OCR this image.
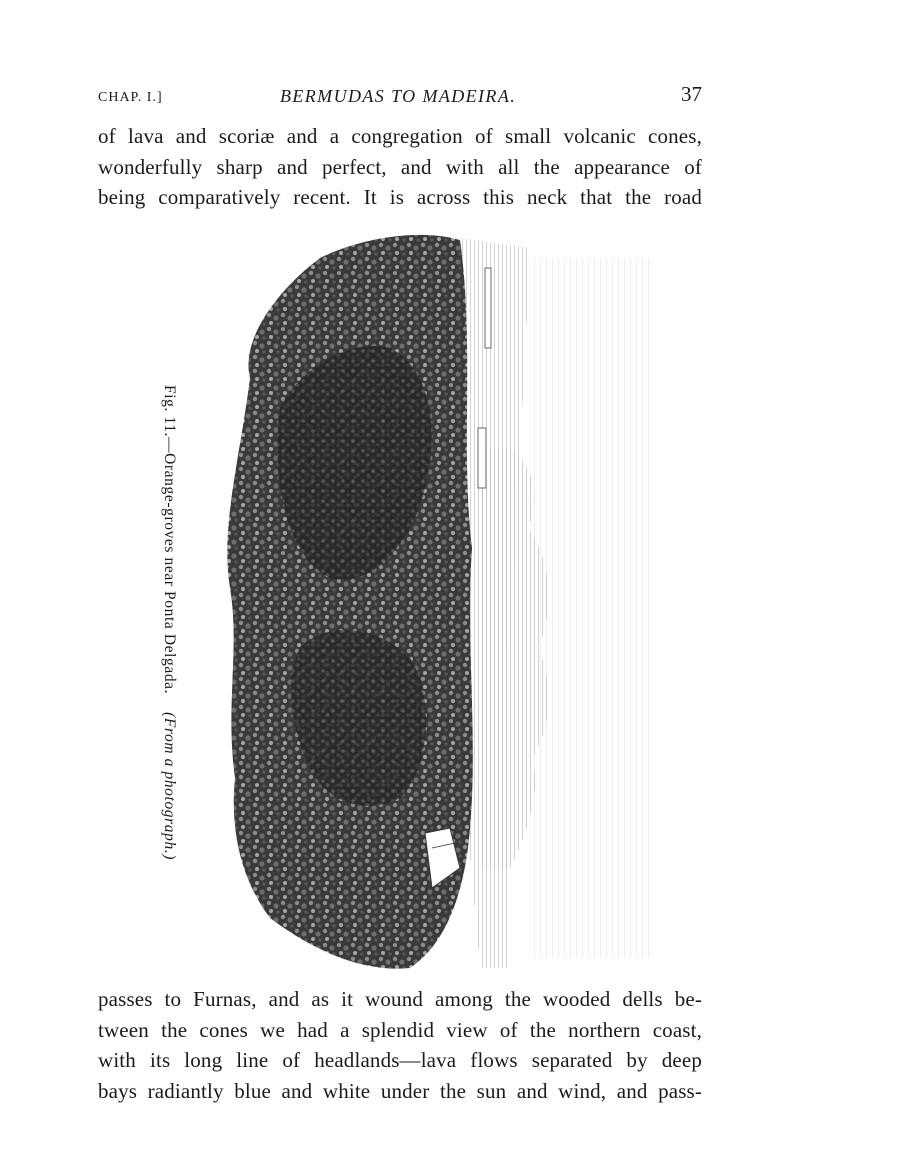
CHAP. I.]	BERMUDAS TO MADEIRA.	37
of lava and scoriæ and a congregation of small volcanic cones,
wonderfully sharp and perfect, and with all the appearance of
being comparatively recent. It is across this neck that the road
Fig. 11.—Orange-groves near Ponta Delgada.(From a photograph.)
passes to Furnas, and as it wound among the wooded dells be-
tween the cones we had a splendid view of the northern coast,
with its long line of headlands—lava flows separated by deep
bays radiantly blue and white under the sun and wind, and pass-
